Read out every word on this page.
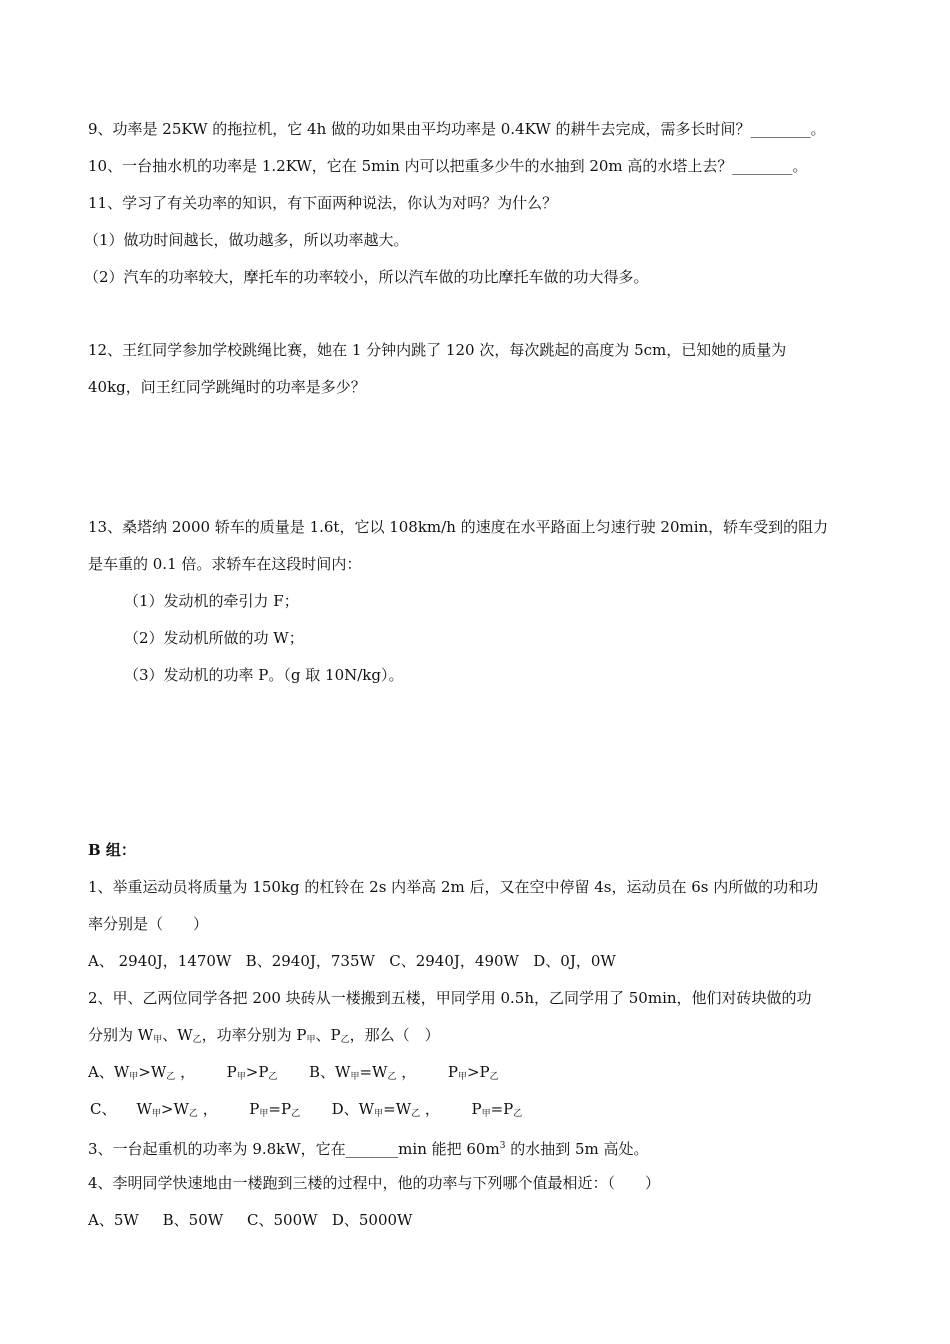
9、功率是 25KW 的拖拉机，它 4h 做的功如果由平均功率是 0.4KW 的耕牛去完成，需多长时间？________。
10、一台抽水机的功率是 1.2KW，它在 5min 内可以把重多少牛的水抽到 20m 高的水塔上去？________。
11、学习了有关功率的知识，有下面两种说法，你认为对吗？为什么？
（1）做功时间越长，做功越多，所以功率越大。
（2）汽车的功率较大，摩托车的功率较小，所以汽车做的功比摩托车做的功大得多。
12、王红同学参加学校跳绳比赛，她在 1 分钟内跳了 120 次，每次跳起的高度为 5cm，已知她的质量为
40kg，问王红同学跳绳时的功率是多少？
13、桑塔纳 2000 轿车的质量是 1.6t，它以 108km/h 的速度在水平路面上匀速行驶 20min，轿车受到的阻力
是车重的 0.1 倍。求轿车在这段时间内：
（1）发动机的牵引力 F；
（2）发动机所做的功 W；
（3）发动机的功率 P。（g 取 10N/kg）。
B 组：
1、举重运动员将质量为 150kg 的杠铃在 2s 内举高 2m 后，又在空中停留 4s，运动员在 6s 内所做的功和功
率分别是（　　）
A、 2940J，1470W   B、2940J，735W   C、2940J，490W   D、0J，0W
2、甲、乙两位同学各把 200 块砖从一楼搬到五楼，甲同学用 0.5h，乙同学用了 50min，他们对砖块做的功
分别为 $W_甲$、$W_乙$，功率分别为 $P_甲$、$P_乙$，那么（　）
A、$W_甲>W_乙$ ， $P_甲>P_乙$ B、$W_甲=W_乙$ ， $P_甲>P_乙$
C、 $W_甲>W_乙$ ， $P_甲=P_乙$ D、$W_甲=W_乙$ ， $P_甲=P_乙$
3、一台起重机的功率为 9.8kW，它在_______min 能把 $60m^3$ 的水抽到 5m 高处。
4、李明同学快速地由一楼跑到三楼的过程中，他的功率与下列哪个值最相近：（　　）
A、5W     B、50W     C、500W   D、5000W
